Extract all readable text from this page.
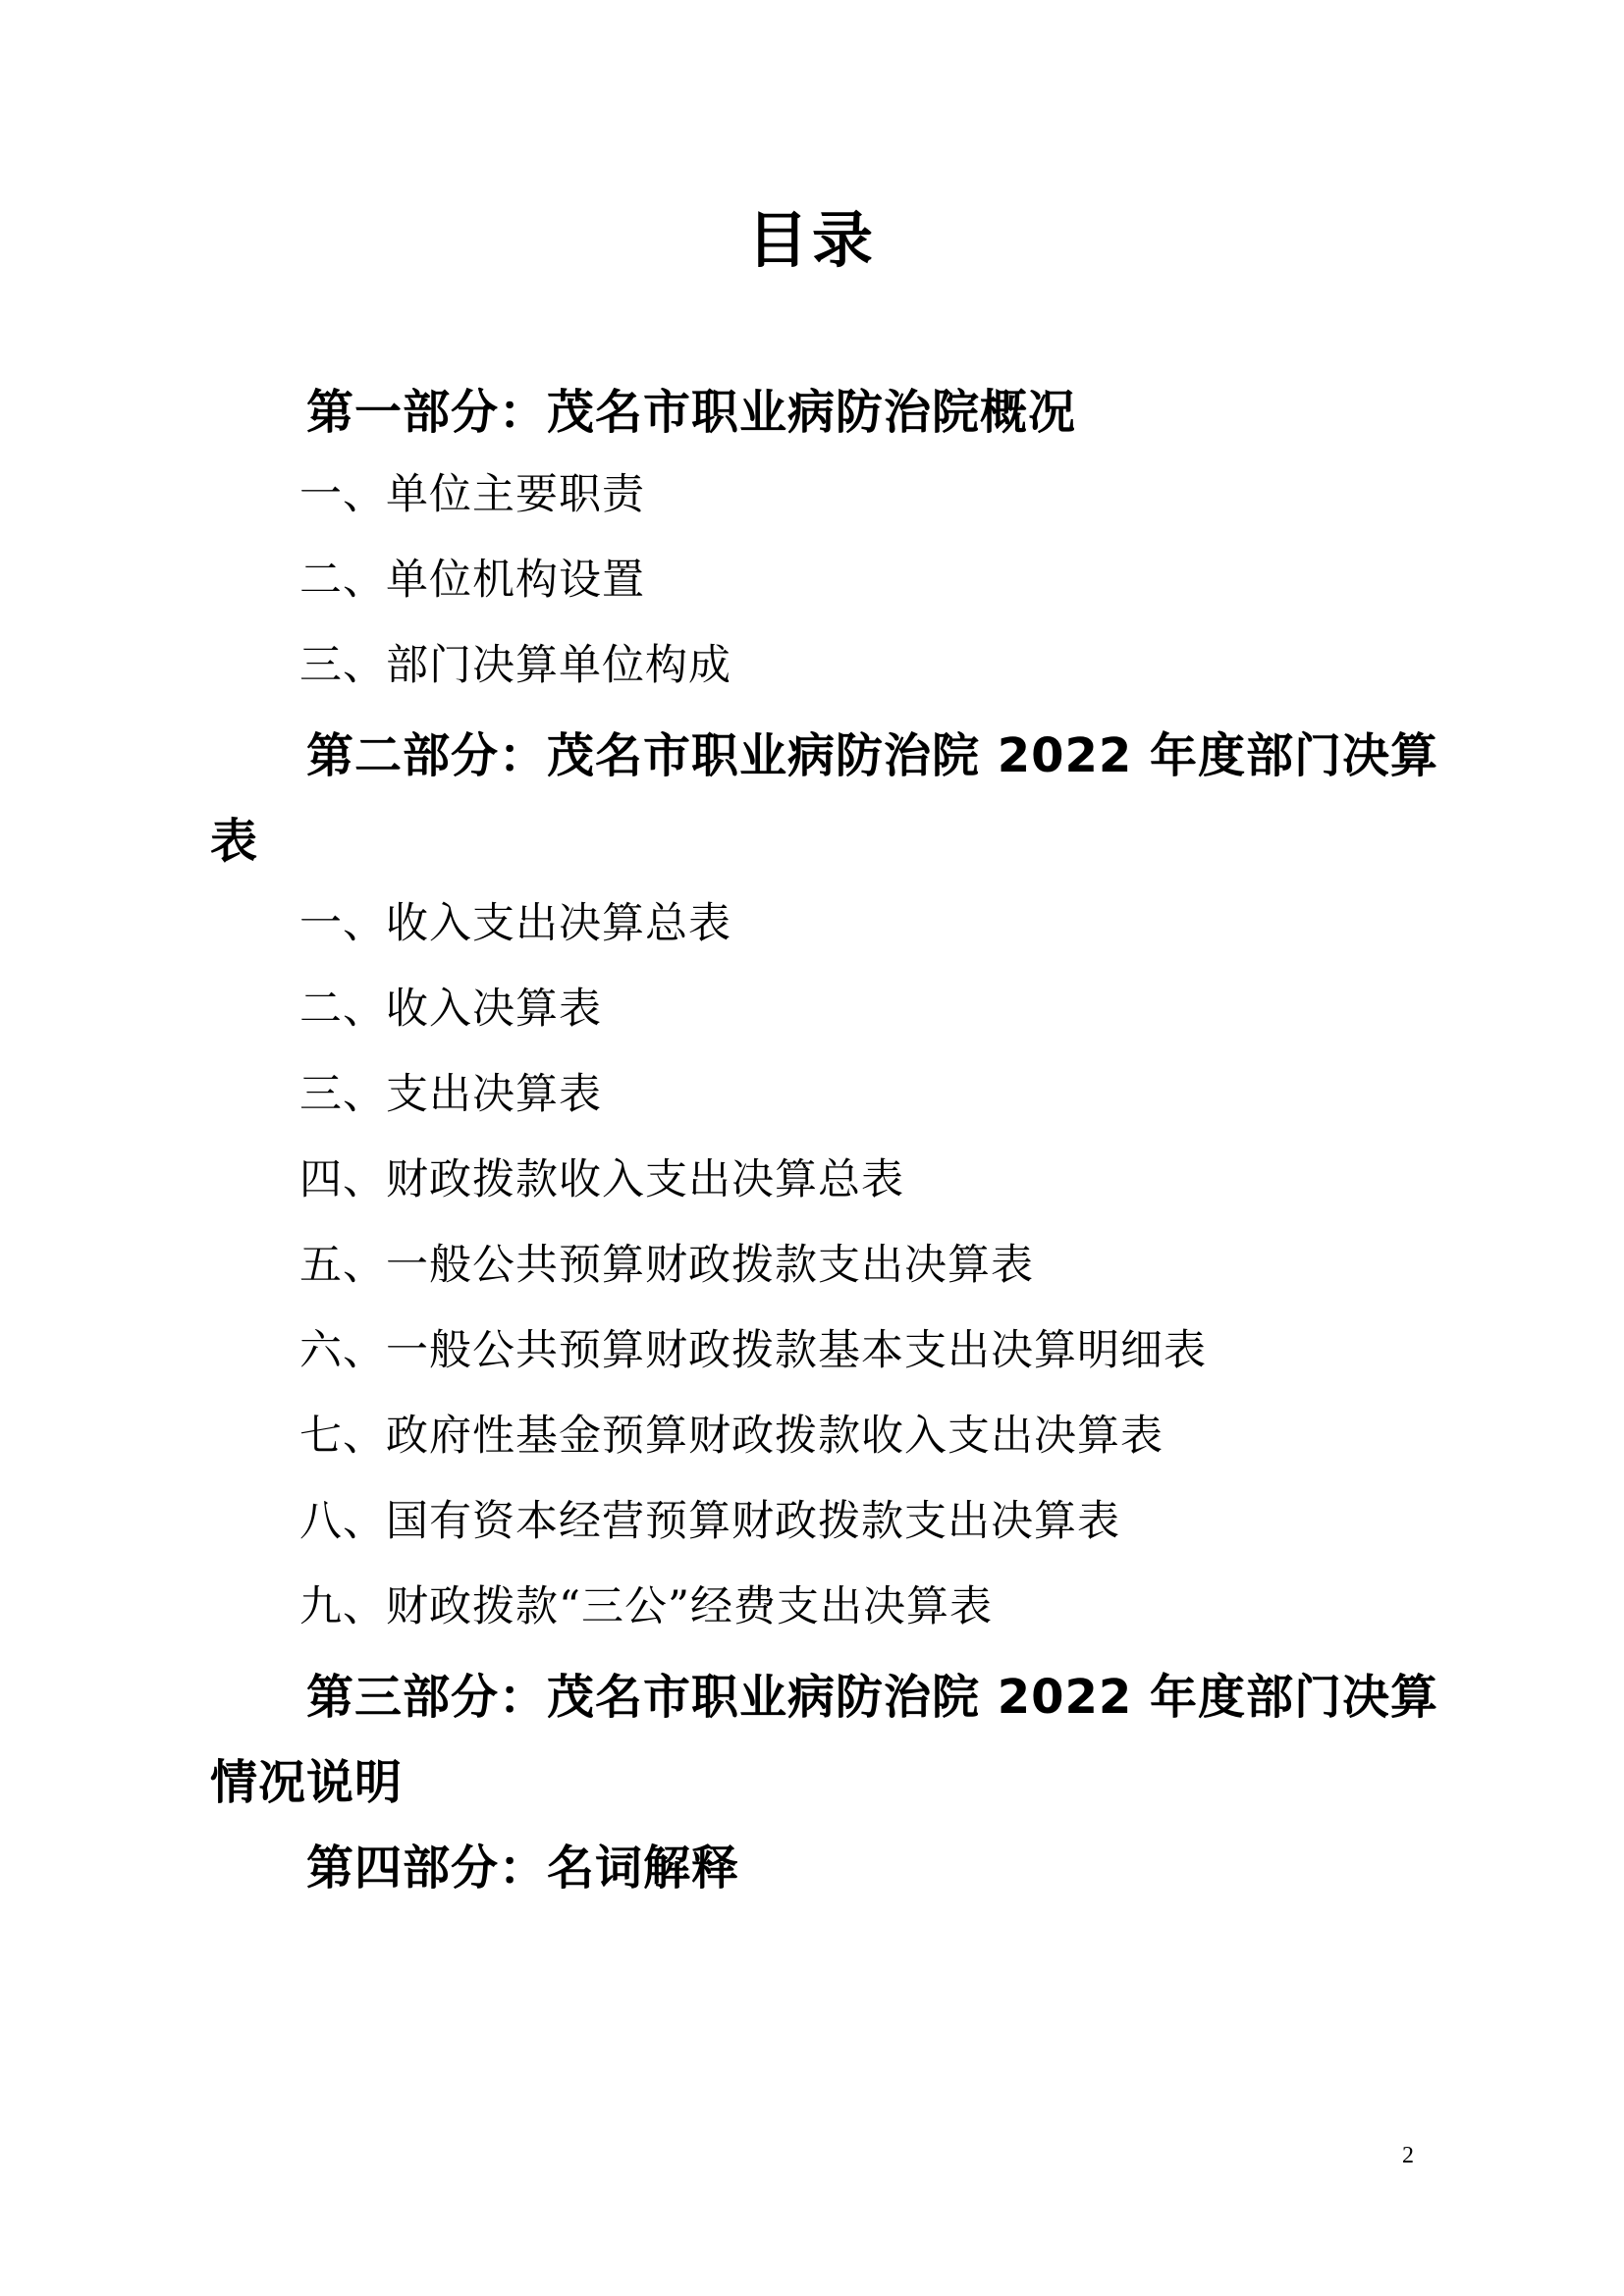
目录
第一部分：茂名市职业病防治院概况
一、单位主要职责
二、单位机构设置
三、部门决算单位构成
第二部分：茂名市职业病防治院 2022 年度部门决算
表
一、收入支出决算总表
二、收入决算表
三、支出决算表
四、财政拨款收入支出决算总表
五、一般公共预算财政拨款支出决算表
六、一般公共预算财政拨款基本支出决算明细表
七、政府性基金预算财政拨款收入支出决算表
八、国有资本经营预算财政拨款支出决算表
九、财政拨款“三公”经费支出决算表
第三部分：茂名市职业病防治院 2022 年度部门决算
情况说明
第四部分：名词解释
2
